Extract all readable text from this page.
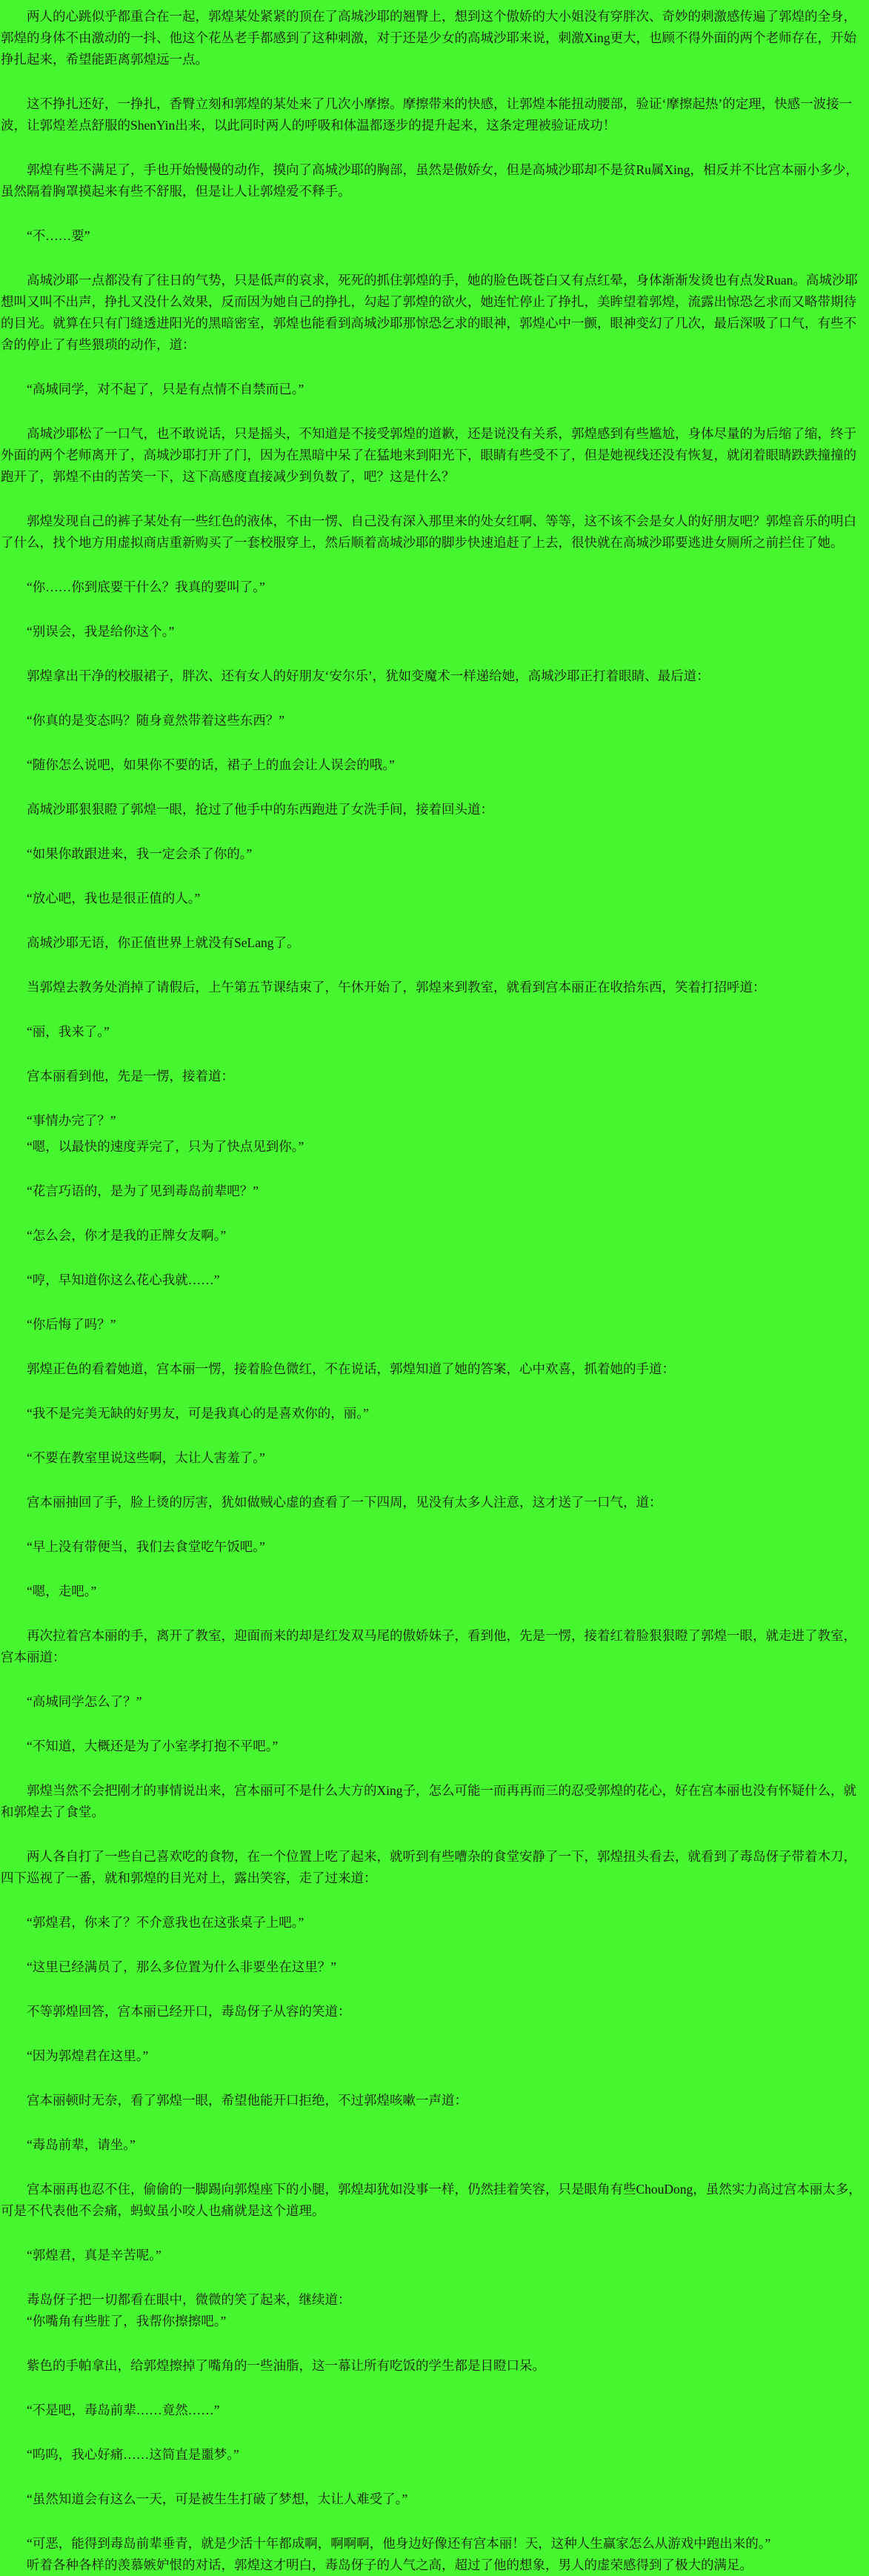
两人的心跳似乎都重合在一起，郭煌某处紧紧的顶在了高城沙耶的翘臀上，想到这个傲娇的大小姐没有穿胖次、奇妙的刺激感传遍了郭煌的全身，郭煌的身体不由激动的一抖、他这个花丛老手都感到了这种刺激，对于还是少女的高城沙耶来说，刺激Xing更大，也顾不得外面的两个老师存在，开始挣扎起来，希望能距离郭煌远一点。

这不挣扎还好，一挣扎，香臀立刻和郭煌的某处来了几次小摩擦。摩擦带来的快感，让郭煌本能扭动腰部，验证‘摩擦起热’的定理，快感一波接一波，让郭煌差点舒服的ShenYin出来，以此同时两人的呼吸和体温都逐步的提升起来，这条定理被验证成功！

郭煌有些不满足了，手也开始慢慢的动作，摸向了高城沙耶的胸部，虽然是傲娇女，但是高城沙耶却不是贫Ru属Xing，相反并不比宫本丽小多少，虽然隔着胸罩摸起来有些不舒服，但是让人让郭煌爱不释手。

“不……要”

高城沙耶一点都没有了往日的气势，只是低声的哀求，死死的抓住郭煌的手，她的脸色既苍白又有点红晕，身体渐渐发烫也有点发Ruan。高城沙耶想叫又叫不出声，挣扎又没什么效果，反而因为她自己的挣扎，勾起了郭煌的欲火，她连忙停止了挣扎，美眸望着郭煌，流露出惊恐乞求而又略带期待的目光。就算在只有门缝透进阳光的黑暗密室，郭煌也能看到高城沙耶那惊恐乞求的眼神，郭煌心中一颤，眼神变幻了几次，最后深吸了口气，有些不舍的停止了有些猥琐的动作，道：

“高城同学，对不起了，只是有点情不自禁而已。”

高城沙耶松了一口气，也不敢说话，只是摇头，不知道是不接受郭煌的道歉，还是说没有关系，郭煌感到有些尴尬，身体尽量的为后缩了缩，终于外面的两个老师离开了，高城沙耶打开了门，因为在黑暗中呆了在猛地来到阳光下，眼睛有些受不了，但是她视线还没有恢复，就闭着眼睛跌跌撞撞的跑开了，郭煌不由的苦笑一下，这下高感度直接减少到负数了，吧？这是什么？

郭煌发现自己的裤子某处有一些红色的液体，不由一愣、自己没有深入那里来的处女红啊、等等，这不该不会是女人的好朋友吧？郭煌音乐的明白了什么，找个地方用虚拟商店重新购买了一套校服穿上，然后顺着高城沙耶的脚步快速追赶了上去，很快就在高城沙耶要逃进女厕所之前拦住了她。

“你……你到底要干什么？我真的要叫了。”

“别误会，我是给你这个。”

郭煌拿出干净的校服裙子，胖次、还有女人的好朋友‘安尔乐’，犹如变魔术一样递给她，高城沙耶正打着眼睛、最后道：

“你真的是变态吗？随身竟然带着这些东西？”

“随你怎么说吧，如果你不要的话，裙子上的血会让人误会的哦。”

高城沙耶狠狠瞪了郭煌一眼，抢过了他手中的东西跑进了女洗手间，接着回头道：

“如果你敢跟进来，我一定会杀了你的。”

“放心吧，我也是很正值的人。”

高城沙耶无语，你正值世界上就没有SeLang了。

当郭煌去教务处消掉了请假后，上午第五节课结束了，午休开始了，郭煌来到教室，就看到宫本丽正在收拾东西，笑着打招呼道：

“丽，我来了。”

宫本丽看到他，先是一愣，接着道：

“事情办完了？”

“嗯，以最快的速度弄完了，只为了快点见到你。”

“花言巧语的，是为了见到毒岛前辈吧？”

“怎么会，你才是我的正牌女友啊。”

“哼，早知道你这么花心我就……”

“你后悔了吗？”

郭煌正色的看着她道，宫本丽一愣，接着脸色微红，不在说话，郭煌知道了她的答案，心中欢喜，抓着她的手道：

“我不是完美无缺的好男友，可是我真心的是喜欢你的，丽。”

“不要在教室里说这些啊，太让人害羞了。”

宫本丽抽回了手，脸上烫的厉害，犹如做贼心虚的查看了一下四周，见没有太多人注意，这才送了一口气，道：

“早上没有带便当，我们去食堂吃午饭吧。”

“嗯，走吧。”

再次拉着宫本丽的手，离开了教室，迎面而来的却是红发双马尾的傲娇妹子，看到他，先是一愣，接着红着脸狠狠瞪了郭煌一眼，就走进了教室，宫本丽道：

“高城同学怎么了？”

“不知道，大概还是为了小室孝打抱不平吧。”

郭煌当然不会把刚才的事情说出来，宫本丽可不是什么大方的Xing子，怎么可能一而再再而三的忍受郭煌的花心，好在宫本丽也没有怀疑什么，就和郭煌去了食堂。

两人各自打了一些自己喜欢吃的食物，在一个位置上吃了起来，就听到有些嘈杂的食堂安静了一下，郭煌扭头看去，就看到了毒岛伢子带着木刀，四下巡视了一番，就和郭煌的目光对上，露出笑容，走了过来道：

“郭煌君，你来了？不介意我也在这张桌子上吧。”

“这里已经满员了，那么多位置为什么非要坐在这里？”

不等郭煌回答，宫本丽已经开口，毒岛伢子从容的笑道：

“因为郭煌君在这里。”

宫本丽顿时无奈，看了郭煌一眼，希望他能开口拒绝，不过郭煌咳嗽一声道：

“毒岛前辈，请坐。”

宫本丽再也忍不住，偷偷的一脚踢向郭煌座下的小腿，郭煌却犹如没事一样，仍然挂着笑容，只是眼角有些ChouDong，虽然实力高过宫本丽太多，可是不代表他不会痛，蚂蚁虽小咬人也痛就是这个道理。

“郭煌君，真是辛苦呢。”

毒岛伢子把一切都看在眼中，微微的笑了起来，继续道：

“你嘴角有些脏了，我帮你擦擦吧。”

紫色的手帕拿出，给郭煌擦掉了嘴角的一些油脂，这一幕让所有吃饭的学生都是目瞪口呆。

“不是吧，毒岛前辈……竟然……”

“呜呜，我心好痛……这简直是噩梦。”

“虽然知道会有这么一天，可是被生生打破了梦想，太让人难受了。”

“可恶，能得到毒岛前辈垂青，就是少活十年都成啊，啊啊啊，他身边好像还有宫本丽！天，这种人生赢家怎么从游戏中跑出来的。”

听着各种各样的羡慕嫉妒恨的对话，郭煌这才明白，毒岛伢子的人气之高，超过了他的想象，男人的虚荣感得到了极大的满足。
